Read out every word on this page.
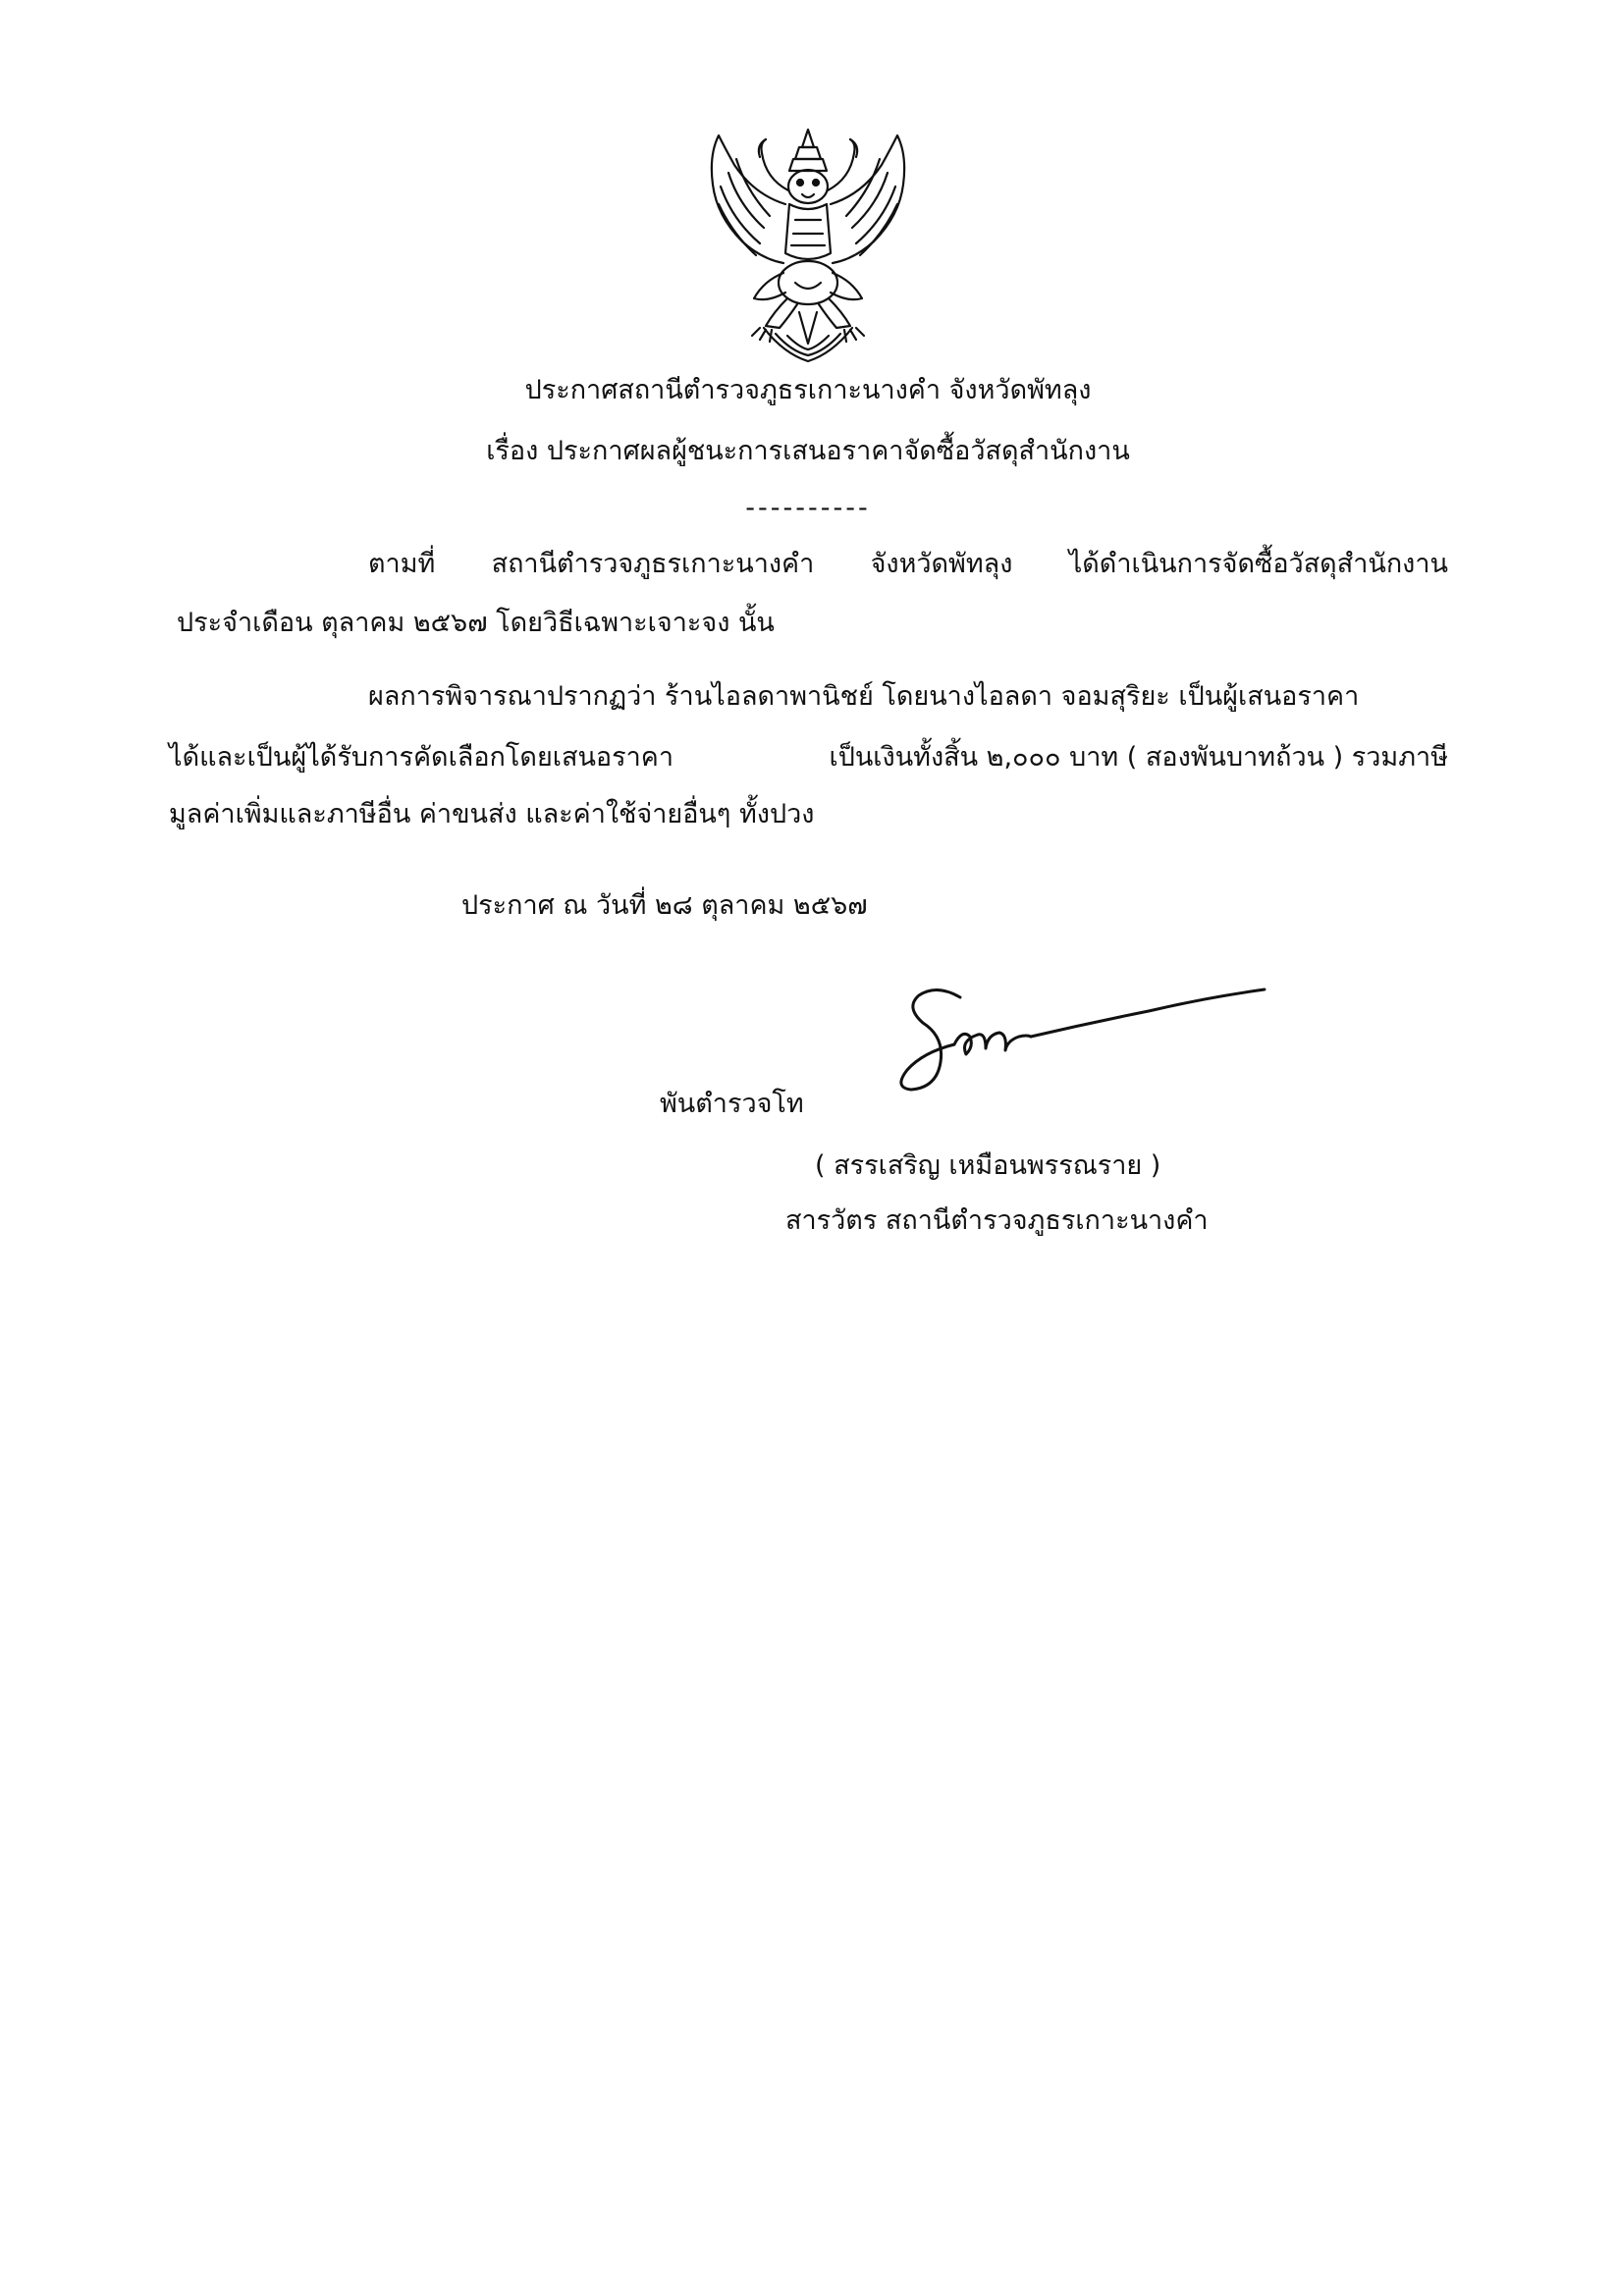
ประกาศสถานีตำรวจภูธรเกาะนางคำ จังหวัดพัทลุง
เรื่อง ประกาศผลผู้ชนะการเสนอราคาจัดซื้อวัสดุสำนักงาน
----------
ตามที่ สถานีตำรวจภูธรเกาะนางคำ จังหวัดพัทลุง ได้ดำเนินการจัดซื้อวัสดุสำนักงาน
ประจำเดือน ตุลาคม ๒๕๖๗ โดยวิธีเฉพาะเจาะจง นั้น
ผลการพิจารณาปรากฏว่า ร้านไอลดาพานิชย์ โดยนางไอลดา จอมสุริยะ เป็นผู้เสนอราคา
ได้และเป็นผู้ได้รับการคัดเลือกโดยเสนอราคา	เป็นเงินทั้งสิ้น ๒,๐๐๐ บาท ( สองพันบาทถ้วน ) รวมภาษี
มูลค่าเพิ่มและภาษีอื่น ค่าขนส่ง และค่าใช้จ่ายอื่นๆ ทั้งปวง
ประกาศ ณ วันที่ ๒๘ ตุลาคม ๒๕๖๗
พันตำรวจโท
( สรรเสริญ เหมือนพรรณราย )
สารวัตร สถานีตำรวจภูธรเกาะนางคำ
